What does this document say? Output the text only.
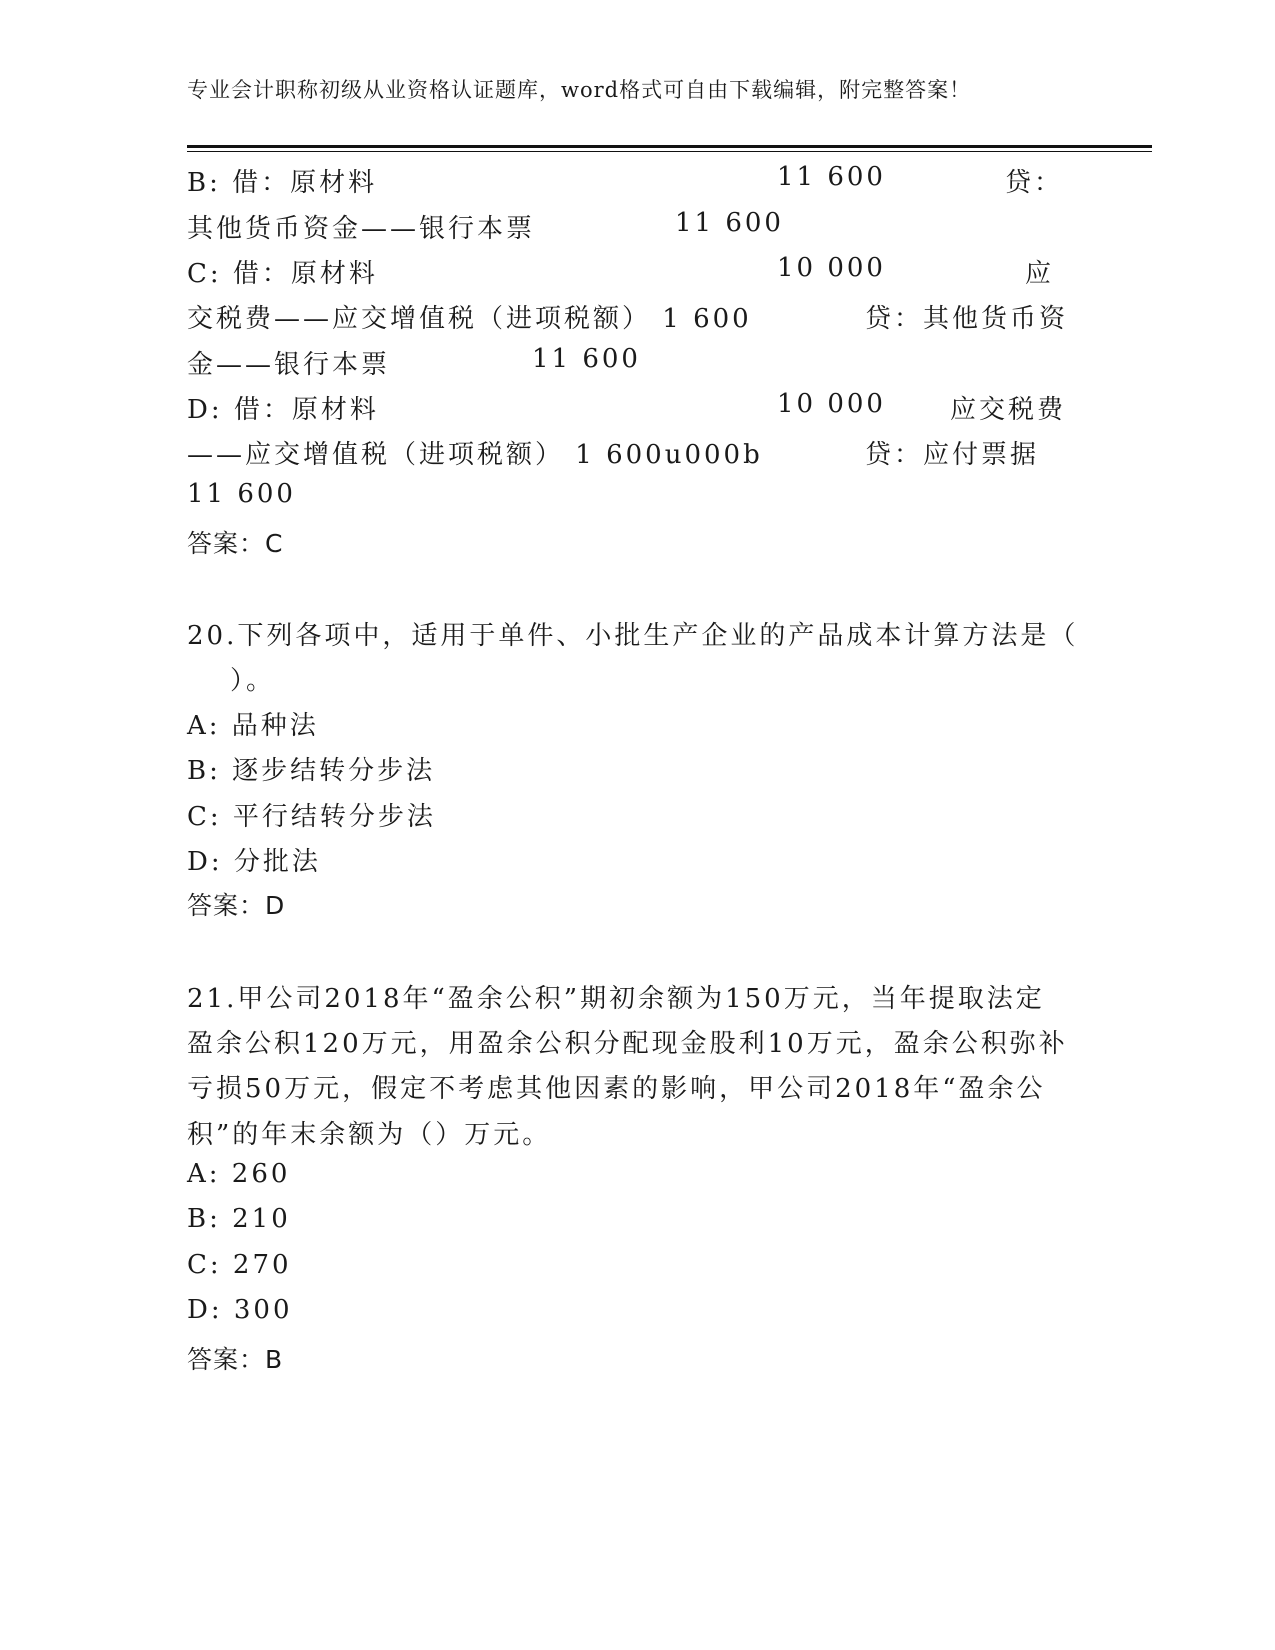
专业会计职称初级从业资格认证题库，word格式可自由下载编辑，附完整答案！
B: 借：原材料	11 600	贷：
其他货币资金——银行本票	11 600
C: 借：原材料	10 000	应
交税费——应交增值税（进项税额） 1 600	贷：其他货币资
金——银行本票	11 600
D: 借：原材料	10 000 应交税费
——应交增值税（进项税额） 1 600u000b	贷：应付票据
11 600
答案：C
20.下列各项中，适用于单件、小批生产企业的产品成本计算方法是（
）。
A: 品种法
B: 逐步结转分步法
C: 平行结转分步法
D: 分批法
答案：D
21.甲公司2018年“盈余公积”期初余额为150万元，当年提取法定
盈余公积120万元，用盈余公积分配现金股利10万元，盈余公积弥补
亏损50万元，假定不考虑其他因素的影响，甲公司2018年“盈余公
积”的年末余额为（）万元。
A: 260
B: 210
C: 270
D: 300
答案：B
